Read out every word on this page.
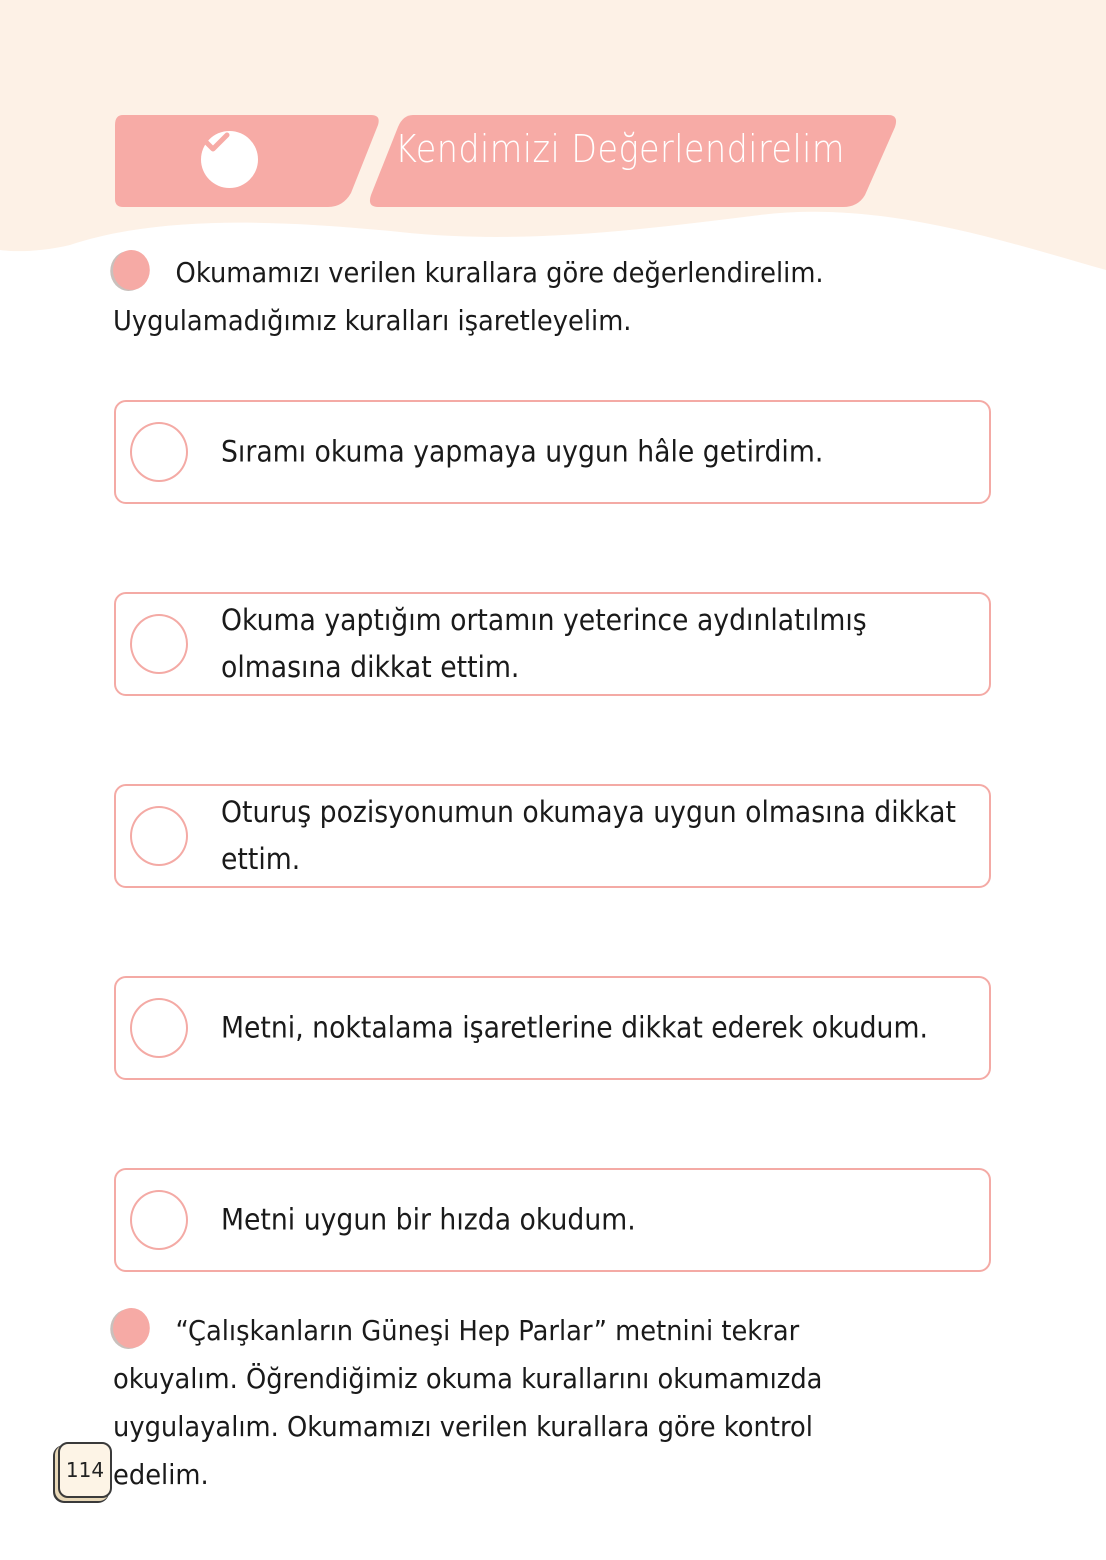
Kendimizi Değerlendirelim
Okumamızı verilen kurallara göre değerlendirelim. Uygulamadığımız kuralları işaretleyelim.
Sıramı okuma yapmaya uygun hâle getirdim.
Okuma yaptığım ortamın yeterince aydınlatılmış olmasına dikkat ettim.
Oturuş pozisyonumun okumaya uygun olmasına dikkat ettim.
Metni, noktalama işaretlerine dikkat ederek okudum.
Metni uygun bir hızda okudum.
“Çalışkanların Güneşi Hep Parlar” metnini tekrar okuyalım. Öğrendiğimiz okuma kurallarını okumamızda uygulayalım. Okumamızı verilen kurallara göre kontrol edelim.
114
